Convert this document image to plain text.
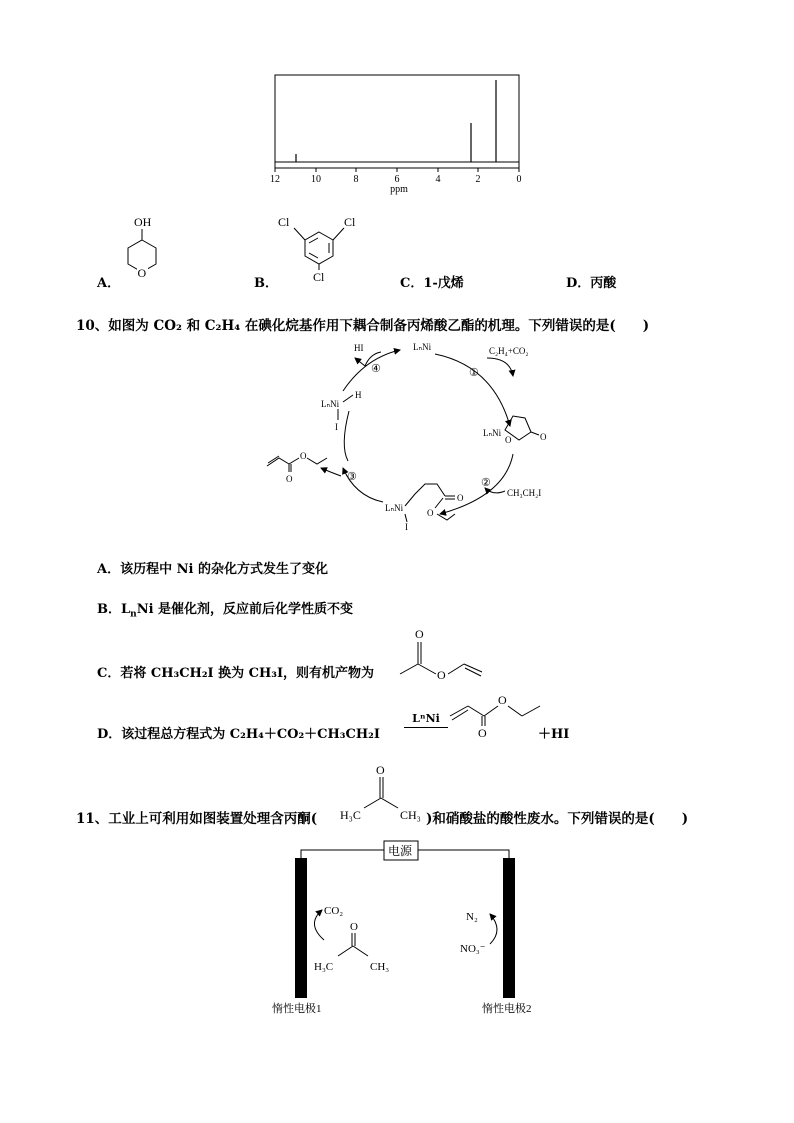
12	10	8	6	4	2	0
ppm
A．
OH
O
B．
Cl	Cl
Cl	C．1-戊烯	D．丙酸
10、如图为 CO₂ 和 C₂H₄ 在碘化烷基作用下耦合制备丙烯酸乙酯的机理。下列错误的是(　　)
LₙNi
HI	C₂H₄+CO₂
①
④
②
③
CH₃CH₂I
LₙNi
H
I
LₙNi
O	O
LₙNi
O
O
I
O
O
A．该历程中 Ni 的杂化方式发生了变化
B．$L_nNi$ 是催化剂，反应前后化学性质不变
C．若将 CH₃CH₂I 换为 CH₃I，则有机产物为
O
O
D．该过程总方程式为 C₂H₄＋CO₂＋CH₃CH₂I
LⁿNi
O
O
＋HI
11、工业上可利用如图装置处理含丙酮(
O
H₃C	CH₃ )和硝酸盐的酸性废水。下列错误的是(　　)
电源
CO₂
O
H₃C	CH₃
N₂
NO₃⁻
惰性电极1	惰性电极2
